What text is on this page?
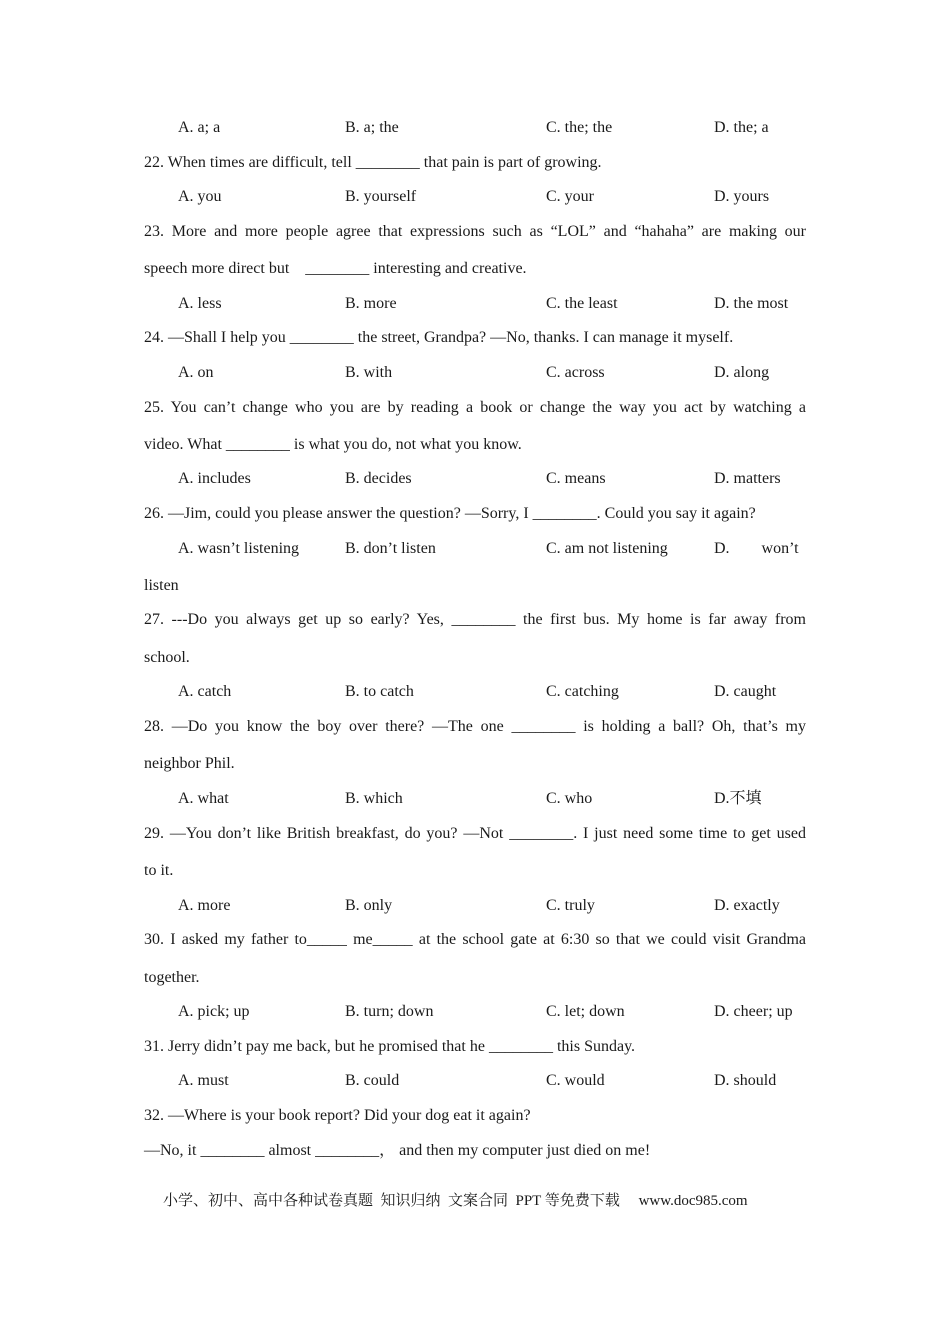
A. a; a	B. a; the	C. the; the	D. the; a
22. When times are difficult, tell ________ that pain is part of growing.
A. you	B. yourself	C. your	D. yours
23. More and more people agree that expressions such as “LOL” and “hahaha” are making our
speech more direct but    ________ interesting and creative.
A. less	B. more	C. the least	D. the most
24. —Shall I help you ________ the street, Grandpa? —No, thanks. I can manage it myself.
A. on	B. with	C. across	D. along
25. You can’t change who you are by reading a book or change the way you act by watching a
video. What ________ is what you do, not what you know.
A. includes	B. decides	C. means	D. matters
26. —Jim, could you please answer the question? —Sorry, I ________. Could you say it again?
A. wasn’t listening	B. don’t listen	C. am not listening	D.        won’t
listen
27. ---Do you always get up so early? Yes, ________ the first bus. My home is far away from
school.
A. catch	B. to catch	C. catching	D. caught
28. —Do you know the boy over there? —The one ________ is holding a ball? Oh, that’s my
neighbor Phil.
A. what	B. which	C. who	D.不填
29. —You don’t like British breakfast, do you? —Not ________. I just need some time to get used
to it.
A. more	B. only	C. truly	D. exactly
30. I asked my father to_____ me_____ at the school gate at 6:30 so that we could visit Grandma
together.
A. pick; up	B. turn; down	C. let; down	D. cheer; up
31. Jerry didn’t pay me back, but he promised that he ________ this Sunday.
A. must	B. could	C. would	D. should
32. —Where is your book report? Did your dog eat it again?
—No, it ________ almost ________， and then my computer just died on me!
小学、初中、高中各种试卷真题  知识归纳  文案合同  PPT 等免费下载     www.doc985.com
